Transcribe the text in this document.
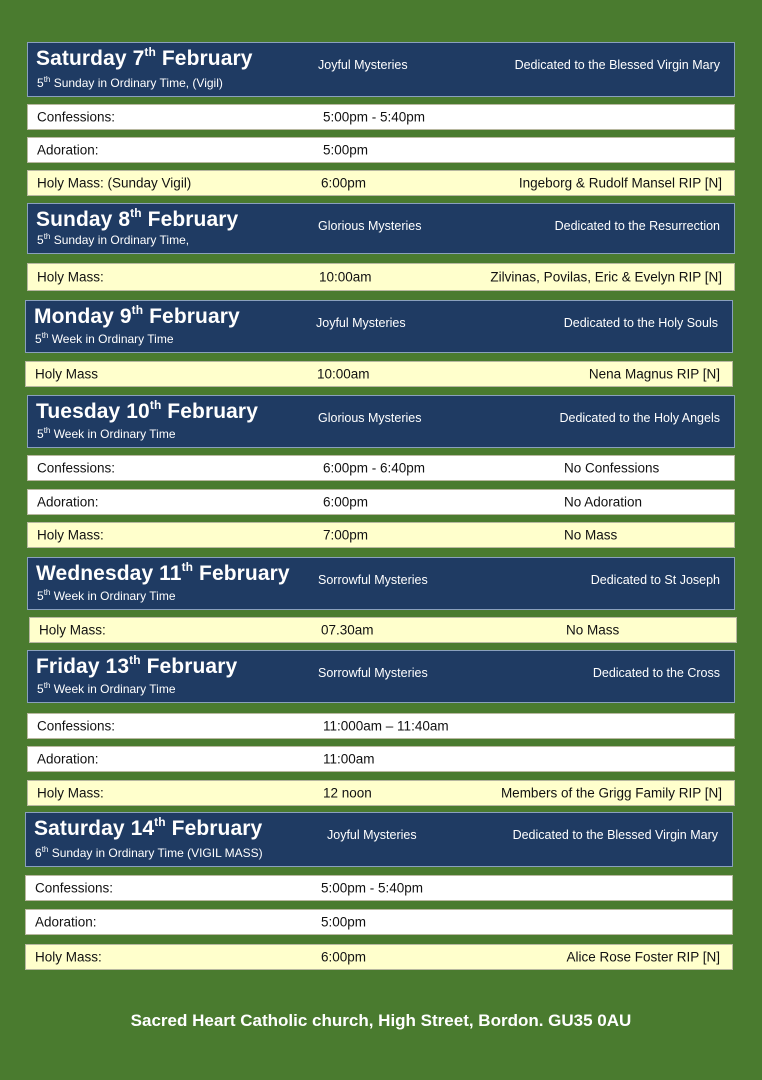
Saturday 7th February
5th Sunday in Ordinary Time, (Vigil)
Joyful Mysteries	Dedicated to the Blessed Virgin Mary
Confessions:	5:00pm - 5:40pm
Adoration:	5:00pm
Holy Mass: (Sunday Vigil)	6:00pm	Ingeborg & Rudolf Mansel RIP [N]
Sunday 8th February
5th Sunday in Ordinary Time,
Glorious Mysteries	Dedicated to the Resurrection
Holy Mass:	10:00am	Zilvinas, Povilas, Eric & Evelyn RIP [N]
Monday 9th February
5th Week in Ordinary Time
Joyful Mysteries	Dedicated to the Holy Souls
Holy Mass	10:00am	Nena Magnus RIP [N]
Tuesday 10th February
5th Week in Ordinary Time
Glorious Mysteries	Dedicated to the Holy Angels
Confessions:	6:00pm - 6:40pm	No Confessions
Adoration:	6:00pm	No Adoration
Holy Mass:	7:00pm	No Mass
Wednesday 11th February
5th Week in Ordinary Time
Sorrowful Mysteries	Dedicated to St Joseph
Holy Mass:	07.30am	No Mass
Friday 13th February
5th Week in Ordinary Time
Sorrowful Mysteries	Dedicated to the Cross
Confessions:	11:000am – 11:40am
Adoration:	11:00am
Holy Mass:	12 noon	Members of the Grigg Family RIP [N]
Saturday 14th February
6th Sunday in Ordinary Time (VIGIL MASS)
Joyful Mysteries	Dedicated to the Blessed Virgin Mary
Confessions:	5:00pm - 5:40pm
Adoration:	5:00pm
Holy Mass:	6:00pm	Alice Rose Foster RIP [N]
Sacred Heart Catholic church, High Street, Bordon. GU35 0AU
